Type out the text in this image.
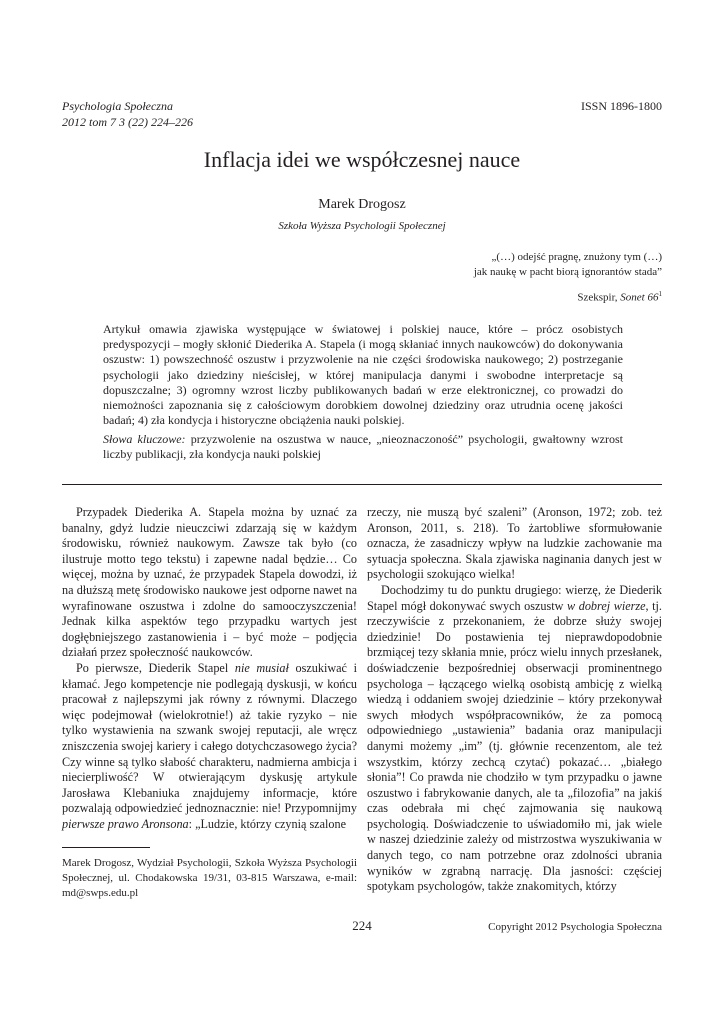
Psychologia Społeczna
2012 tom 7 3 (22) 224–226
ISSN 1896-1800
Inflacja idei we współczesnej nauce
Marek Drogosz
Szkoła Wyższa Psychologii Społecznej
„(…) odejść pragnę, znużony tym (…)
jak naukę w pacht biorą ignorantów stada”
Szekspir, Sonet $66^1$
Artykuł omawia zjawiska występujące w światowej i polskiej nauce, które – prócz osobistych predyspozycji – mogły skłonić Diederika A. Stapela (i mogą skłaniać innych naukowców) do dokonywania oszustw: 1) powszechność oszustw i przyzwolenie na nie części środowiska naukowego; 2) postrzeganie psychologii jako dziedziny nieścisłej, w której manipulacja danymi i swobodne interpretacje są dopuszczalne; 3) ogromny wzrost liczby publikowanych badań w erze elektronicznej, co prowadzi do niemożności zapoznania się z całościowym dorobkiem dowolnej dziedziny oraz utrudnia ocenę jakości badań; 4) zła kondycja i historyczne obciążenia nauki polskiej.
Słowa kluczowe: przyzwolenie na oszustwa w nauce, „nieoznaczoność” psychologii, gwałtowny wzrost liczby publikacji, zła kondycja nauki polskiej

Przypadek Diederika A. Stapela można by uznać za banalny, gdyż ludzie nieuczciwi zdarzają się w każdym środowisku, również naukowym. Zawsze tak było (co ilustruje motto tego tekstu) i zapewne nadal będzie… Co więcej, można by uznać, że przypadek Stapela dowodzi, iż na dłuższą metę środowisko naukowe jest odporne nawet na wyrafinowane oszustwa i zdolne do samooczyszczenia! Jednak kilka aspektów tego przypadku wartych jest dogłębniejszego zastanowienia i – być może – podjęcia działań przez społeczność naukowców.

Po pierwsze, Diederik Stapel nie musiał oszukiwać i kłamać. Jego kompetencje nie podlegają dyskusji, w końcu pracował z najlepszymi jak równy z równymi. Dlaczego więc podejmował (wielokrotnie!) aż takie ryzyko – nie tylko wystawienia na szwank swojej reputacji, ale wręcz zniszczenia swojej kariery i całego dotychczasowego życia? Czy winne są tylko słabość charakteru, nadmierna ambicja i niecierpliwość? W otwierającym dyskusję artykule Jarosława Klebaniuka znajdujemy informacje, które pozwalają odpowiedzieć jednoznacznie: nie! Przypomnijmy pierwsze prawo Aronsona: „Ludzie, którzy czynią szalone

rzeczy, nie muszą być szaleni” (Aronson, 1972; zob. też Aronson, 2011, s. 218). To żartobliwe sformułowanie oznacza, że zasadniczy wpływ na ludzkie zachowanie ma sytuacja społeczna. Skala zjawiska naginania danych jest w psychologii szokująco wielka!

Dochodzimy tu do punktu drugiego: wierzę, że Diederik Stapel mógł dokonywać swych oszustw w dobrej wierze, tj. rzeczywiście z przekonaniem, że dobrze służy swojej dziedzinie! Do postawienia tej nieprawdopodobnie brzmiącej tezy skłania mnie, prócz wielu innych przesłanek, doświadczenie bezpośredniej obserwacji prominentnego psychologa – łączącego wielką osobistą ambicję z wielką wiedzą i oddaniem swojej dziedzinie – który przekonywał swych młodych współpracowników, że za pomocą odpowiedniego „ustawienia” badania oraz manipulacji danymi możemy „im” (tj. głównie recenzentom, ale też wszystkim, którzy zechcą czytać) pokazać… „białego słonia”! Co prawda nie chodziło w tym przypadku o jawne oszustwo i fabrykowanie danych, ale ta „filozofia” na jakiś czas odebrała mi chęć zajmowania się naukową psychologią. Doświadczenie to uświadomiło mi, jak wiele w naszej dziedzinie zależy od mistrzostwa wyszukiwania w danych tego, co nam potrzebne oraz zdolności ubrania wyników w zgrabną narrację. Dla jasności: częściej spotykam psychologów, także znakomitych, którzy

Marek Drogosz, Wydział Psychologii, Szkoła Wyższa Psychologii Społecznej, ul. Chodakowska 19/31, 03-815 Warszawa, e-mail: md@swps.edu.pl
224	Copyright 2012 Psychologia Społeczna
